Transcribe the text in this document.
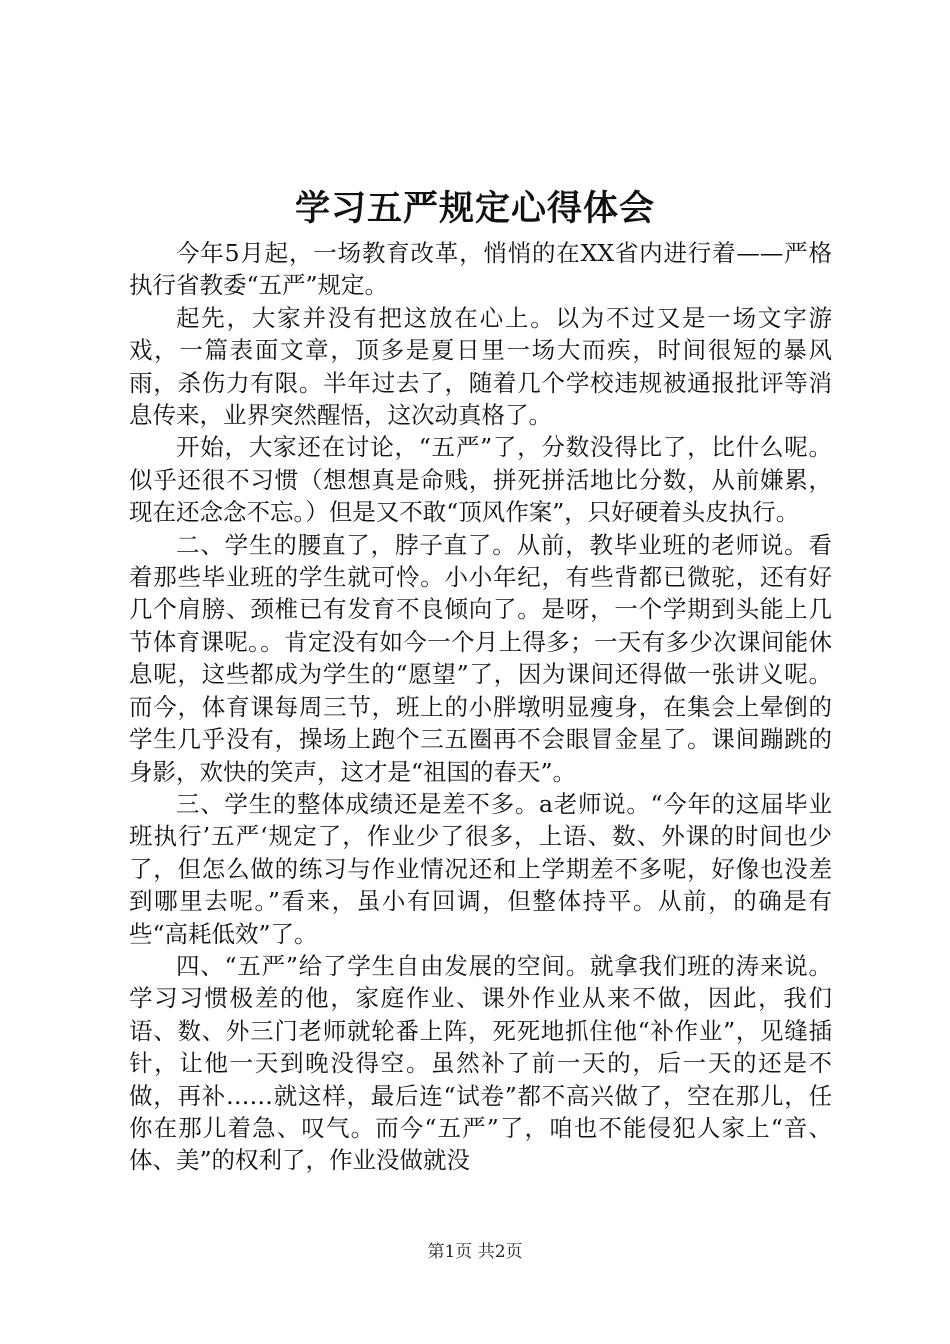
学习五严规定心得体会

今年5月起，一场教育改革，悄悄的在XX省内进行着——严格执行省教委“五严”规定。

起先，大家并没有把这放在心上。以为不过又是一场文字游戏，一篇表面文章，顶多是夏日里一场大而疾，时间很短的暴风雨，杀伤力有限。半年过去了，随着几个学校违规被通报批评等消息传来，业界突然醒悟，这次动真格了。

开始，大家还在讨论，“五严”了，分数没得比了，比什么呢。似乎还很不习惯（想想真是命贱，拼死拼活地比分数，从前嫌累，现在还念念不忘。）但是又不敢“顶风作案”，只好硬着头皮执行。

二、学生的腰直了，脖子直了。从前，教毕业班的老师说。看着那些毕业班的学生就可怜。小小年纪，有些背都已微驼，还有好几个肩膀、颈椎已有发育不良倾向了。是呀，一个学期到头能上几节体育课呢。。肯定没有如今一个月上得多；一天有多少次课间能休息呢，这些都成为学生的“愿望”了，因为课间还得做一张讲义呢。而今，体育课每周三节，班上的小胖墩明显瘦身，在集会上晕倒的学生几乎没有，操场上跑个三五圈再不会眼冒金星了。课间蹦跳的身影，欢快的笑声，这才是“祖国的春天”。

三、学生的整体成绩还是差不多。a老师说。“今年的这届毕业班执行’五严‘规定了，作业少了很多，上语、数、外课的时间也少了，但怎么做的练习与作业情况还和上学期差不多呢，好像也没差到哪里去呢。”看来，虽小有回调，但整体持平。从前，的确是有些“高耗低效”了。

四、“五严”给了学生自由发展的空间。就拿我们班的涛来说。学习习惯极差的他，家庭作业、课外作业从来不做，因此，我们语、数、外三门老师就轮番上阵，死死地抓住他“补作业”，见缝插针，让他一天到晚没得空。虽然补了前一天的，后一天的还是不做，再补……就这样，最后连“试卷”都不高兴做了，空在那儿，任你在那儿着急、叹气。而今“五严”了，咱也不能侵犯人家上“音、体、美”的权利了，作业没做就没

第1页 共2页
